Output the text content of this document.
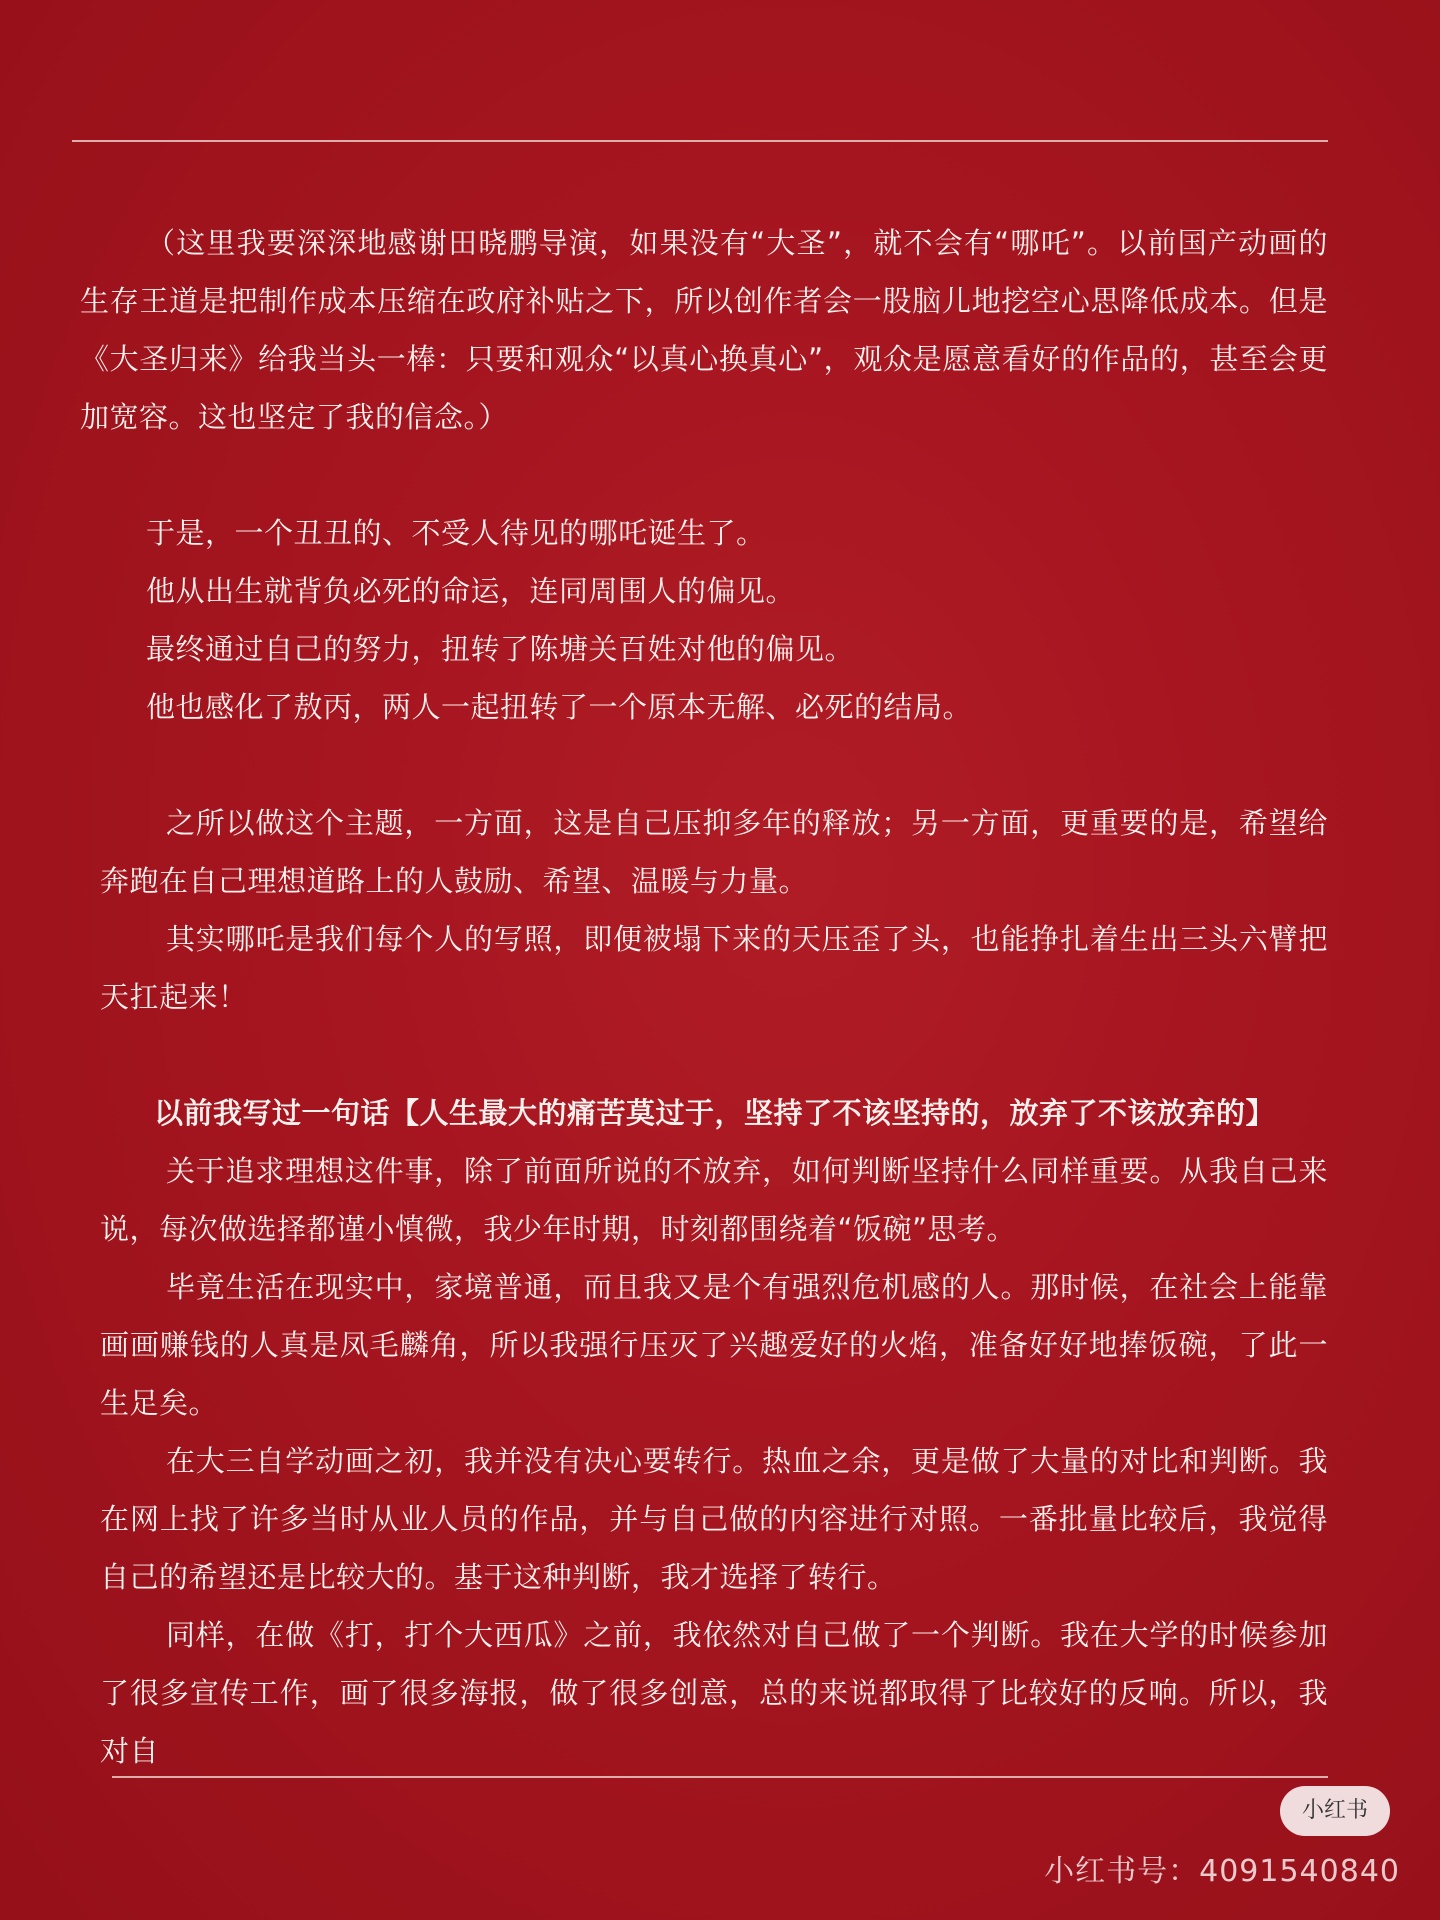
（这里我要深深地感谢田晓鹏导演，如果没有“大圣”，就不会有“哪吒”。以前国产动画的生存王道是把制作成本压缩在政府补贴之下，所以创作者会一股脑儿地挖空心思降低成本。但是《大圣归来》给我当头一棒：只要和观众“以真心换真心”，观众是愿意看好的作品的，甚至会更加宽容。这也坚定了我的信念。）

于是，一个丑丑的、不受人待见的哪吒诞生了。

他从出生就背负必死的命运，连同周围人的偏见。

最终通过自己的努力，扭转了陈塘关百姓对他的偏见。

他也感化了敖丙，两人一起扭转了一个原本无解、必死的结局。

之所以做这个主题，一方面，这是自己压抑多年的释放；另一方面，更重要的是，希望给奔跑在自己理想道路上的人鼓励、希望、温暖与力量。

其实哪吒是我们每个人的写照，即便被塌下来的天压歪了头，也能挣扎着生出三头六臂把天扛起来！

以前我写过一句话【人生最大的痛苦莫过于，坚持了不该坚持的，放弃了不该放弃的】

关于追求理想这件事，除了前面所说的不放弃，如何判断坚持什么同样重要。从我自己来说，每次做选择都谨小慎微，我少年时期，时刻都围绕着“饭碗”思考。

毕竟生活在现实中，家境普通，而且我又是个有强烈危机感的人。那时候，在社会上能靠画画赚钱的人真是凤毛麟角，所以我强行压灭了兴趣爱好的火焰，准备好好地捧饭碗，了此一生足矣。

在大三自学动画之初，我并没有决心要转行。热血之余，更是做了大量的对比和判断。我在网上找了许多当时从业人员的作品，并与自己做的内容进行对照。一番批量比较后，我觉得自己的希望还是比较大的。基于这种判断，我才选择了转行。

同样，在做《打，打个大西瓜》之前，我依然对自己做了一个判断。我在大学的时候参加了很多宣传工作，画了很多海报，做了很多创意，总的来说都取得了比较好的反响。所以，我对自

小红书
小红书号：4091540840
